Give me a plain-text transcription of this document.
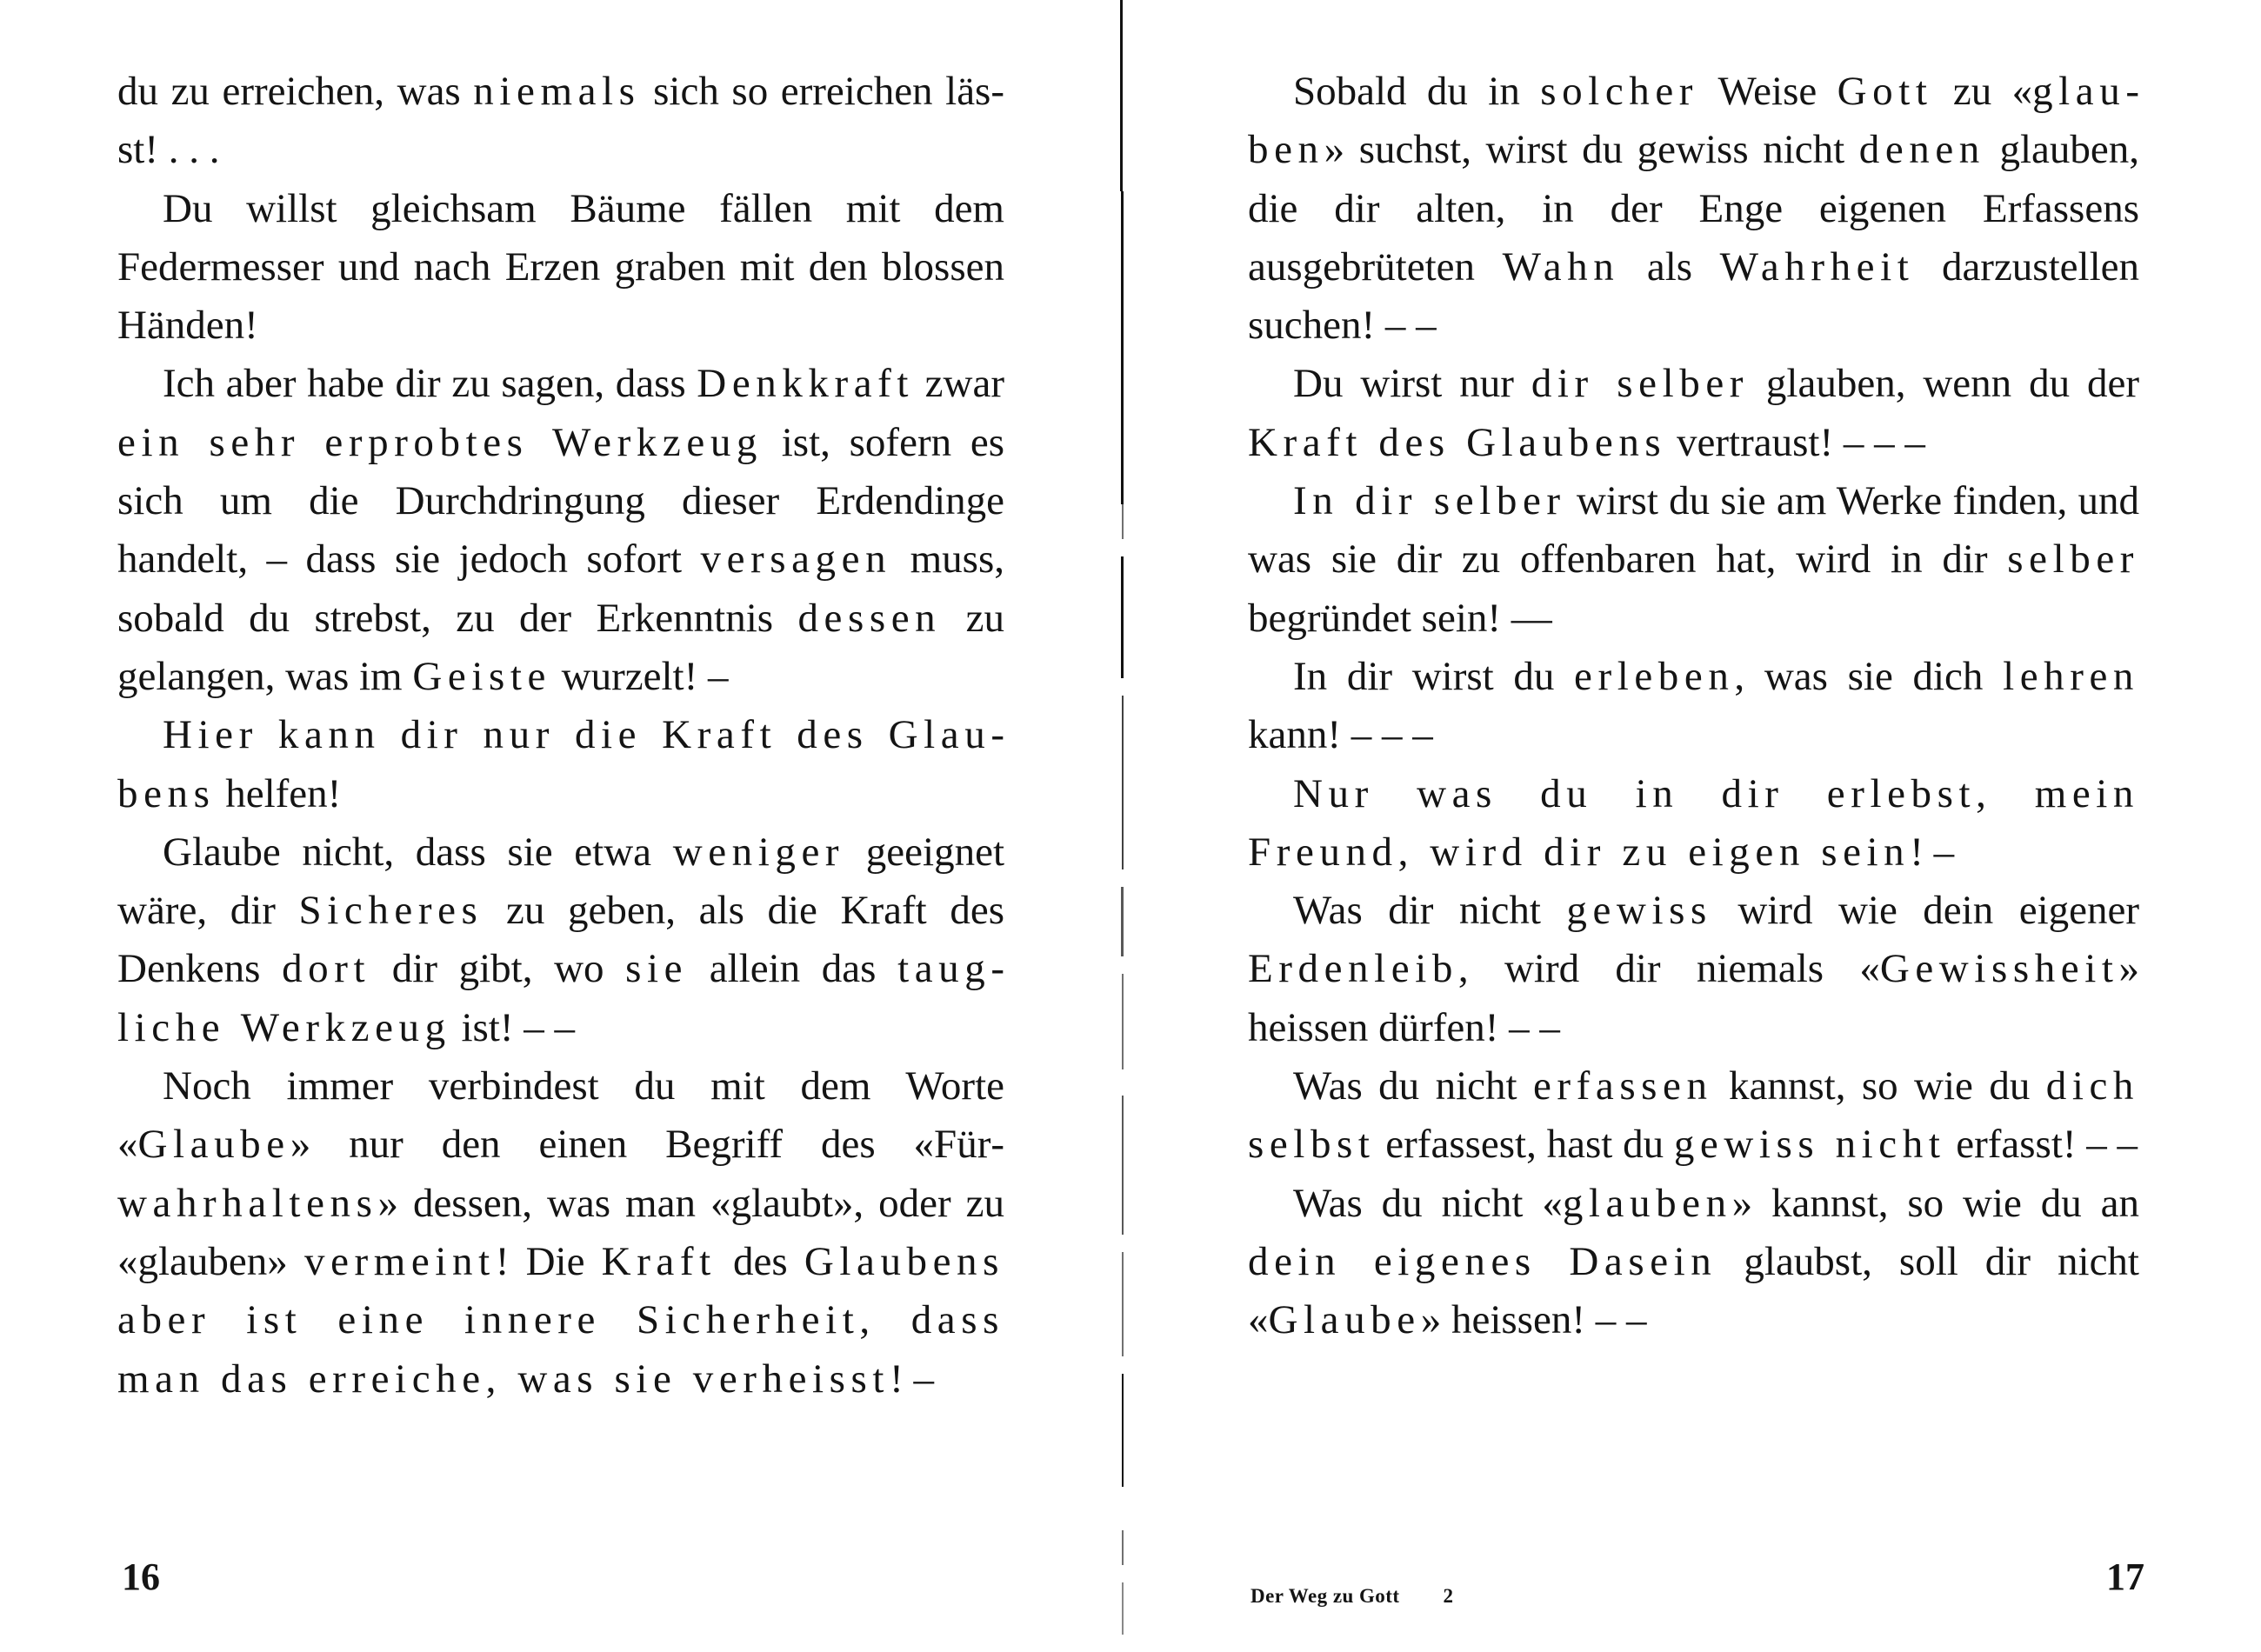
du zu erreichen, was niemals sich so erreichen lässt! . . .

Du willst gleichsam Bäume fällen mit dem Federmesser und nach Erzen graben mit den blossen Händen!

Ich aber habe dir zu sagen, dass Denkkraft zwar ein sehr erprobtes Werkzeug ist, sofern es sich um die Durchdringung dieser Erdendinge handelt, – dass sie jedoch sofort versagen muss, sobald du strebst, zu der Erkenntnis dessen zu gelangen, was im Geiste wurzelt! –

Hier kann dir nur die Kraft des Glaubens helfen!

Glaube nicht, dass sie etwa weniger geeignet wäre, dir Sicheres zu geben, als die Kraft des Denkens dort dir gibt, wo sie allein das taugliche Werkzeug ist! – –

Noch immer verbindest du mit dem Worte «Glaube» nur den einen Begriff des «Fürwahrhaltens» dessen, was man «glaubt», oder zu «glauben» vermeint! Die Kraft des Glaubens aber ist eine innere Sicherheit, dass man das erreiche, was sie verheisst! –

16

Sobald du in solcher Weise Gott zu «glauben» suchst, wirst du gewiss nicht denen glauben, die dir alten, in der Enge eigenen Erfassens ausgebrüteten Wahn als Wahrheit darzustellen suchen! – –

Du wirst nur dir selber glauben, wenn du der Kraft des Glaubens vertraust! – – –

In dir selber wirst du sie am Werke finden, und was sie dir zu offenbaren hat, wird in dir selber begründet sein! —

In dir wirst du erleben, was sie dich lehren kann! – – –

Nur was du in dir erlebst, mein Freund, wird dir zu eigen sein! –

Was dir nicht gewiss wird wie dein eigener Erdenleib, wird dir niemals «Gewissheit» heissen dürfen! – –

Was du nicht erfassen kannst, so wie du dich selbst erfassest, hast du gewiss nicht erfasst! – –

Was du nicht «glauben» kannst, so wie du an dein eigenes Dasein glaubst, soll dir nicht «Glaube» heissen! – –

Der Weg zu Gott 2	17
